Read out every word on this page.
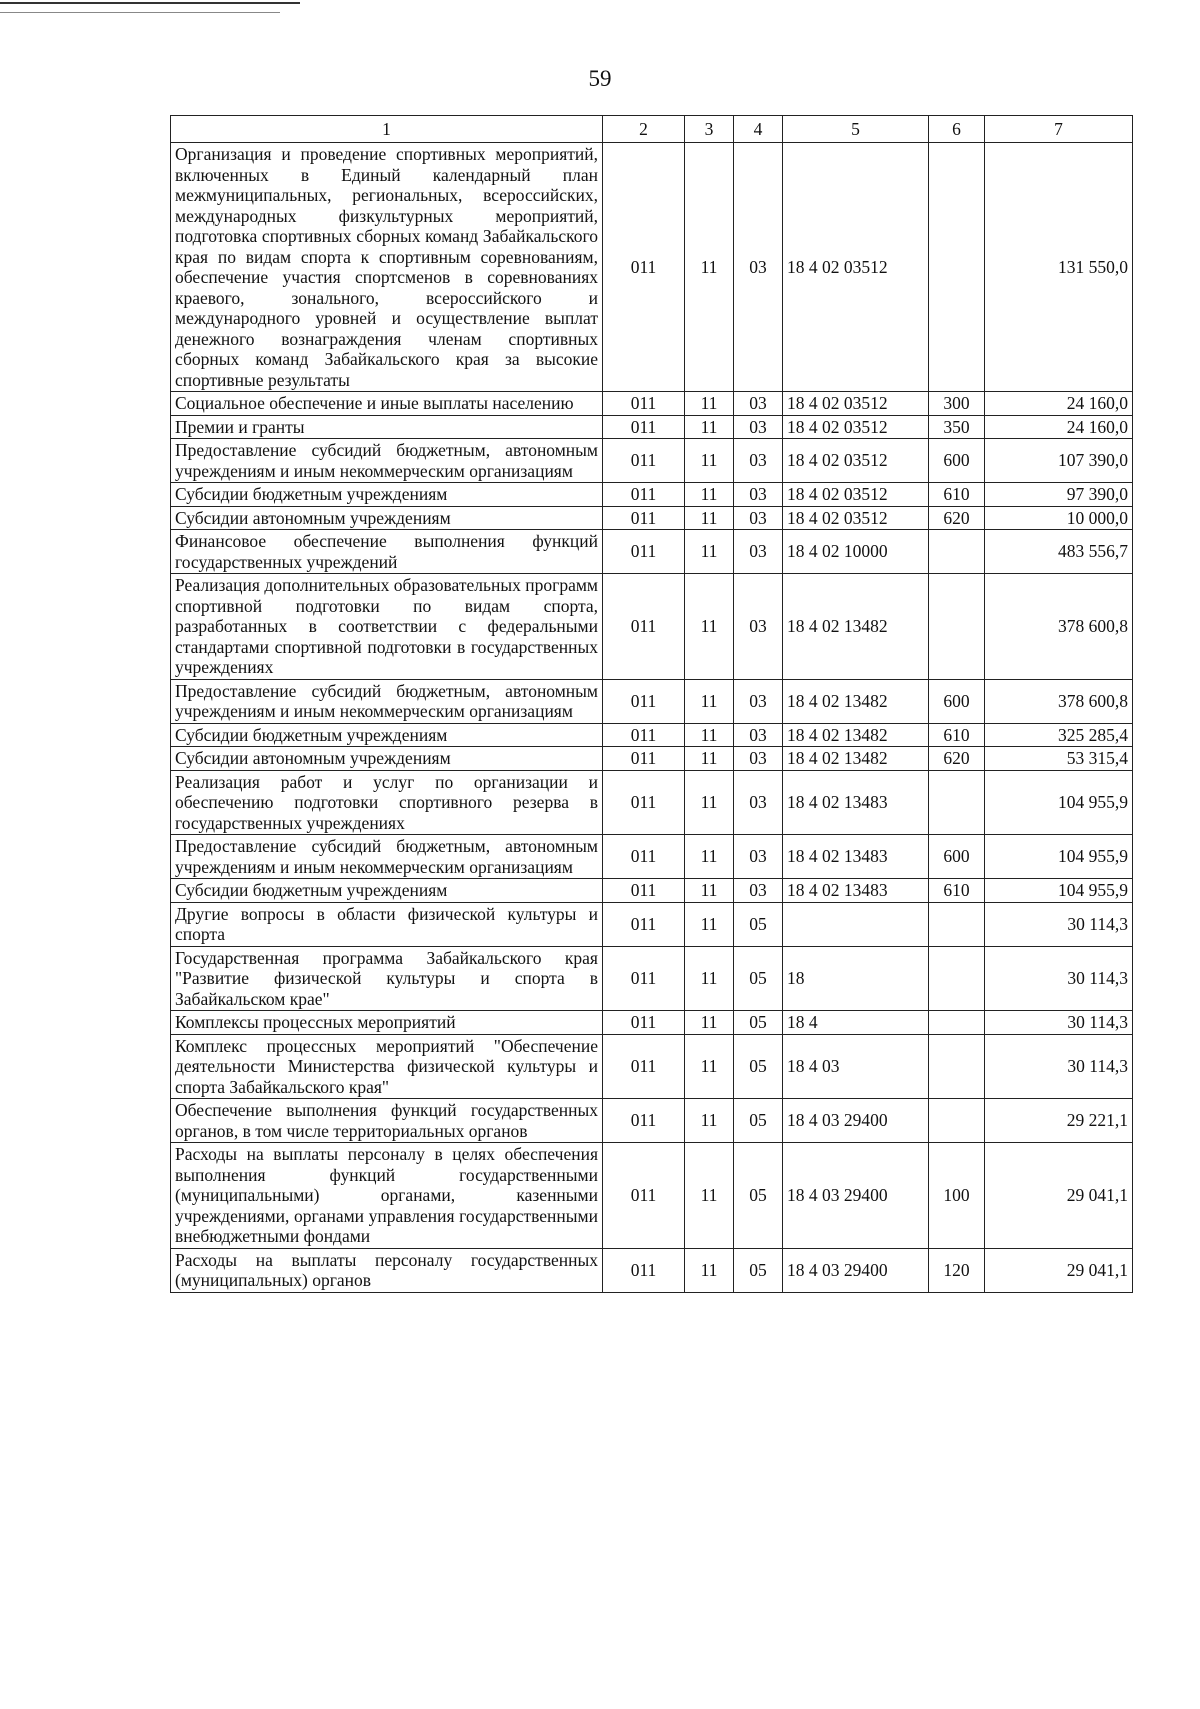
59
1	2	3	4	5	6	7
Организация и проведение спортивных мероприятий, включенных в Единый календарный план межмуниципальных, региональных, всероссийских, международных физкультурных мероприятий, подготовка спортивных сборных команд Забайкальского края по видам спорта к спортивным соревнованиям, обеспечение участия спортсменов в соревнованиях краевого, зонального, всероссийского и международного уровней и осуществление выплат денежного вознаграждения членам спортивных сборных команд Забайкальского края за высокие спортивные результаты	011	11	03	18 4 02 03512		131 550,0
Социальное обеспечение и иные выплаты населению	011	11	03	18 4 02 03512	300	24 160,0
Премии и гранты	011	11	03	18 4 02 03512	350	24 160,0
Предоставление субсидий бюджетным, автономным учреждениям и иным некоммерческим организациям	011	11	03	18 4 02 03512	600	107 390,0
Субсидии бюджетным учреждениям	011	11	03	18 4 02 03512	610	97 390,0
Субсидии автономным учреждениям	011	11	03	18 4 02 03512	620	10 000,0
Финансовое обеспечение выполнения функций государственных учреждений	011	11	03	18 4 02 10000		483 556,7
Реализация дополнительных образовательных программ спортивной подготовки по видам спорта, разработанных в соответствии с федеральными стандартами спортивной подготовки в государственных учреждениях	011	11	03	18 4 02 13482		378 600,8
Предоставление субсидий бюджетным, автономным учреждениям и иным некоммерческим организациям	011	11	03	18 4 02 13482	600	378 600,8
Субсидии бюджетным учреждениям	011	11	03	18 4 02 13482	610	325 285,4
Субсидии автономным учреждениям	011	11	03	18 4 02 13482	620	53 315,4
Реализация работ и услуг по организации и обеспечению подготовки спортивного резерва в государственных учреждениях	011	11	03	18 4 02 13483		104 955,9
Предоставление субсидий бюджетным, автономным учреждениям и иным некоммерческим организациям	011	11	03	18 4 02 13483	600	104 955,9
Субсидии бюджетным учреждениям	011	11	03	18 4 02 13483	610	104 955,9
Другие вопросы в области физической культуры и спорта	011	11	05			30 114,3
Государственная программа Забайкальского края "Развитие физической культуры и спорта в Забайкальском крае"	011	11	05	18		30 114,3
Комплексы процессных мероприятий	011	11	05	18 4		30 114,3
Комплекс процессных мероприятий "Обеспечение деятельности Министерства физической культуры и спорта Забайкальского края"	011	11	05	18 4 03		30 114,3
Обеспечение выполнения функций государственных органов, в том числе территориальных органов	011	11	05	18 4 03 29400		29 221,1
Расходы на выплаты персоналу в целях обеспечения выполнения функций государственными (муниципальными) органами, казенными учреждениями, органами управления государственными внебюджетными фондами	011	11	05	18 4 03 29400	100	29 041,1
Расходы на выплаты персоналу государственных (муниципальных) органов	011	11	05	18 4 03 29400	120	29 041,1
